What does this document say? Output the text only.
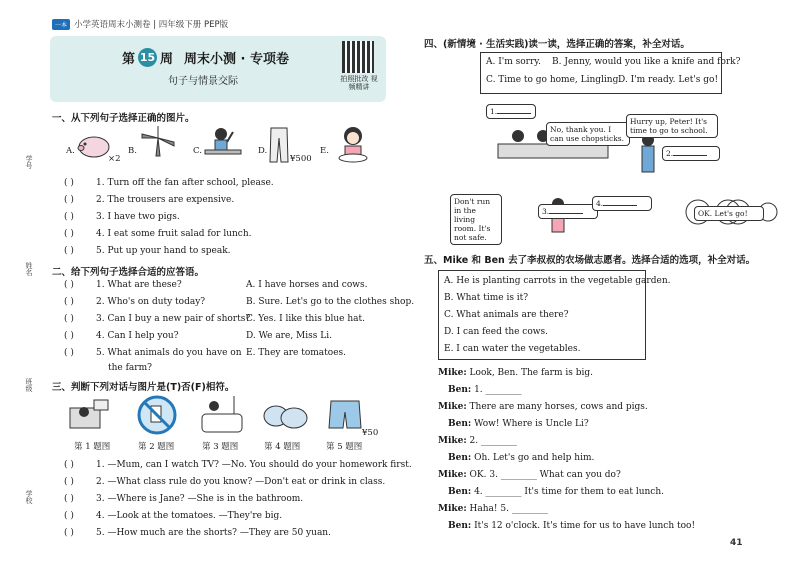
一本 小学英语周末小测卷 | 四年级下册 PEP版
第 15 周 周末小测 · 专项卷
句子与情景交际	拍照批改 视频精讲
学号
姓名
班级
学校
一、从下列句子选择正确的图片。
A.
×2
B.	C.	D.
¥500
E.
( ) 1. Turn off the fan after school, please.
( ) 2. The trousers are expensive.
( ) 3. I have two pigs.
( ) 4. I eat some fruit salad for lunch.
( ) 5. Put up your hand to speak.
二、给下列句子选择合适的应答语。
( ) 1. What are these?	A. I have horses and cows.
( ) 2. Who's on duty today?	B. Sure. Let's go to the clothes shop.
( ) 3. Can I buy a new pair of shorts?
C. Yes. I like this blue hat.
( ) 4. Can I help you?	D. We are, Miss Li.
( ) 5. What animals do you have on E. They are tomatoes.
the farm?
三、判断下列对话与图片是(T)否(F)相符。
¥50
第 1 题图	第 2 题图	第 3 题图	第 4 题图	第 5 题图
( ) 1. —Mum, can I watch TV? —No. You should do your homework first.
( ) 2. —What class rule do you know? —Don't eat or drink in class.
( ) 3. —Where is Jane? —She is in the bathroom.
( ) 4. —Look at the tomatoes. —They're big.
( ) 5. —How much are the shorts? —They are 50 yuan.
四、(新情境 · 生活实践)读一读，选择正确的答案，补全对话。
A. I'm sorry. B. Jenny, would you like a knife and fork?
C. Time to go home, Lingling.
D. I'm ready. Let's go!
1.
No, thank you. I can use chopsticks.
Hurry up, Peter! It's time to go to school.
2.
Don't run in the living room. It's not safe.
3.
4.
OK. Let's go!
五、Mike 和 Ben 去了李叔叔的农场做志愿者。选择合适的选项，补全对话。
A. He is planting carrots in the vegetable garden.
B. What time is it?
C. What animals are there?
D. I can feed the cows.
E. I can water the vegetables.
Mike: Look, Ben. The farm is big.
Ben: 1. ________
Mike: There are many horses, cows and pigs.
Ben: Wow! Where is Uncle Li?
Mike: 2. ________
Ben: Oh. Let's go and help him.
Mike: OK. 3. ________ What can you do?
Ben: 4. ________ It's time for them to eat lunch.
Mike: Haha! 5. ________
Ben: It's 12 o'clock. It's time for us to have lunch too!
41
